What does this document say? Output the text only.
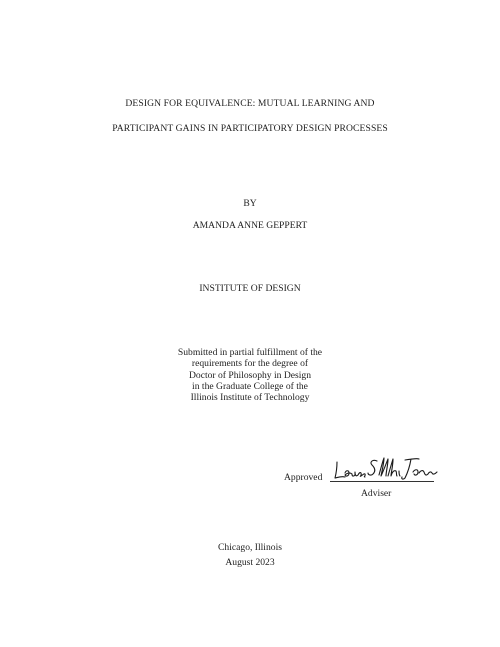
DESIGN FOR EQUIVALENCE: MUTUAL LEARNING AND
PARTICIPANT GAINS IN PARTICIPATORY DESIGN PROCESSES
BY
AMANDA ANNE GEPPERT
INSTITUTE OF DESIGN
Submitted in partial fulfillment of the
requirements for the degree of
Doctor of Philosophy in Design
in the Graduate College of the
Illinois Institute of Technology
Approved
Adviser
Chicago, Illinois
August 2023
